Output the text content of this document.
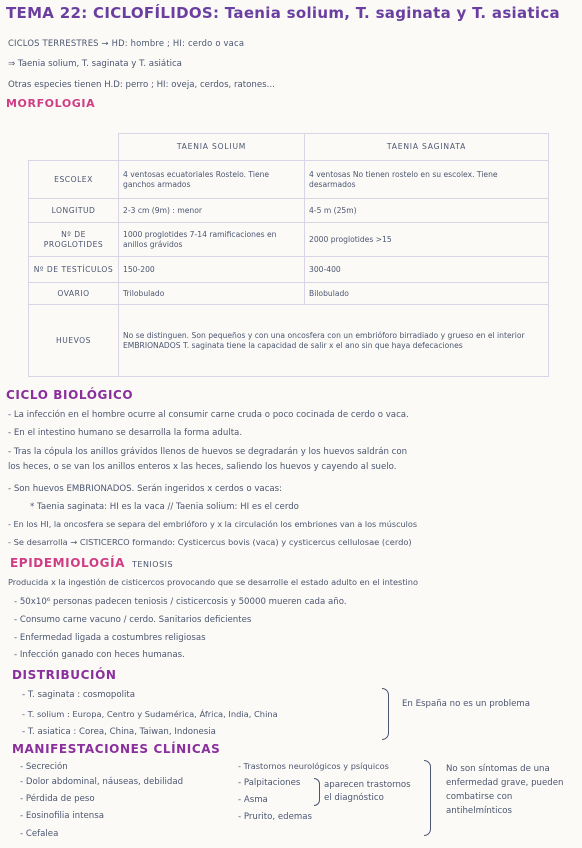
TEMA 22: CICLOFÍLIDOS: Taenia solium, T. saginata y T. asiatica
CICLOS TERRESTRES → HD: hombre ; HI: cerdo o vaca
⇒ Taenia solium, T. saginata y T. asiática
Otras especies tienen H.D: perro ; HI: oveja, cerdos, ratones...
MORFOLOGIA
	TAENIA SOLIUM	TAENIA SAGINATA
ESCOLEX	4 ventosas ecuatoriales Rostelo. Tiene ganchos armados	4 ventosas No tienen rostelo en su escolex. Tiene desarmados
LONGITUD	2-3 cm (9m) : menor	4-5 m (25m)
Nº DE PROGLOTIDES	1000 proglotides 7-14 ramificaciones en anillos grávidos	2000 proglotides >15
Nº DE TESTÍCULOS	150-200	300-400
OVARIO	Trilobulado	Bilobulado
HUEVOS	No se distinguen. Son pequeños y con una oncosfera con un embrióforo birradiado y grueso en el interior EMBRIONADOS T. saginata tiene la capacidad de salir x el ano sin que haya defecaciones	
CICLO BIOLÓGICO
- La infección en el hombre ocurre al consumir carne cruda o poco cocinada de cerdo o vaca.
- En el intestino humano se desarrolla la forma adulta.
- Tras la cópula los anillos grávidos llenos de huevos se degradarán y los huevos saldrán con
los heces, o se van los anillos enteros x las heces, saliendo los huevos y cayendo al suelo.
- Son huevos EMBRIONADOS. Serán ingeridos x cerdos o vacas:
* Taenia saginata: HI es la vaca // Taenia solium: HI es el cerdo
- En los HI, la oncosfera se separa del embrióforo y x la circulación los embriones van a los músculos
- Se desarrolla → CISTICERCO formando: Cysticercus bovis (vaca) y cysticercus cellulosae (cerdo)
EPIDEMIOLOGÍA TENIOSIS
Producida x la ingestión de cisticercos provocando que se desarrolle el estado adulto en el intestino
- 50x10⁶ personas padecen teniosis / cisticercosis y 50000 mueren cada año.
- Consumo carne vacuno / cerdo. Sanitarios deficientes
- Enfermedad ligada a costumbres religiosas
- Infección ganado con heces humanas.
DISTRIBUCIÓN
- T. saginata : cosmopolita
- T. solium : Europa, Centro y Sudamérica, África, India, China
- T. asiatica : Corea, China, Taiwan, Indonesia
En España no es un problema
MANIFESTACIONES CLÍNICAS
- Secreción
- Dolor abdominal, náuseas, debilidad
- Pérdida de peso
- Eosinofilia intensa
- Cefalea
- Trastornos neurológicos y psíquicos
- Palpitaciones
- Asma
- Prurito, edemas
aparecen trastornos el diagnóstico
No son síntomas de una enfermedad grave, pueden combatirse con antihelmínticos
